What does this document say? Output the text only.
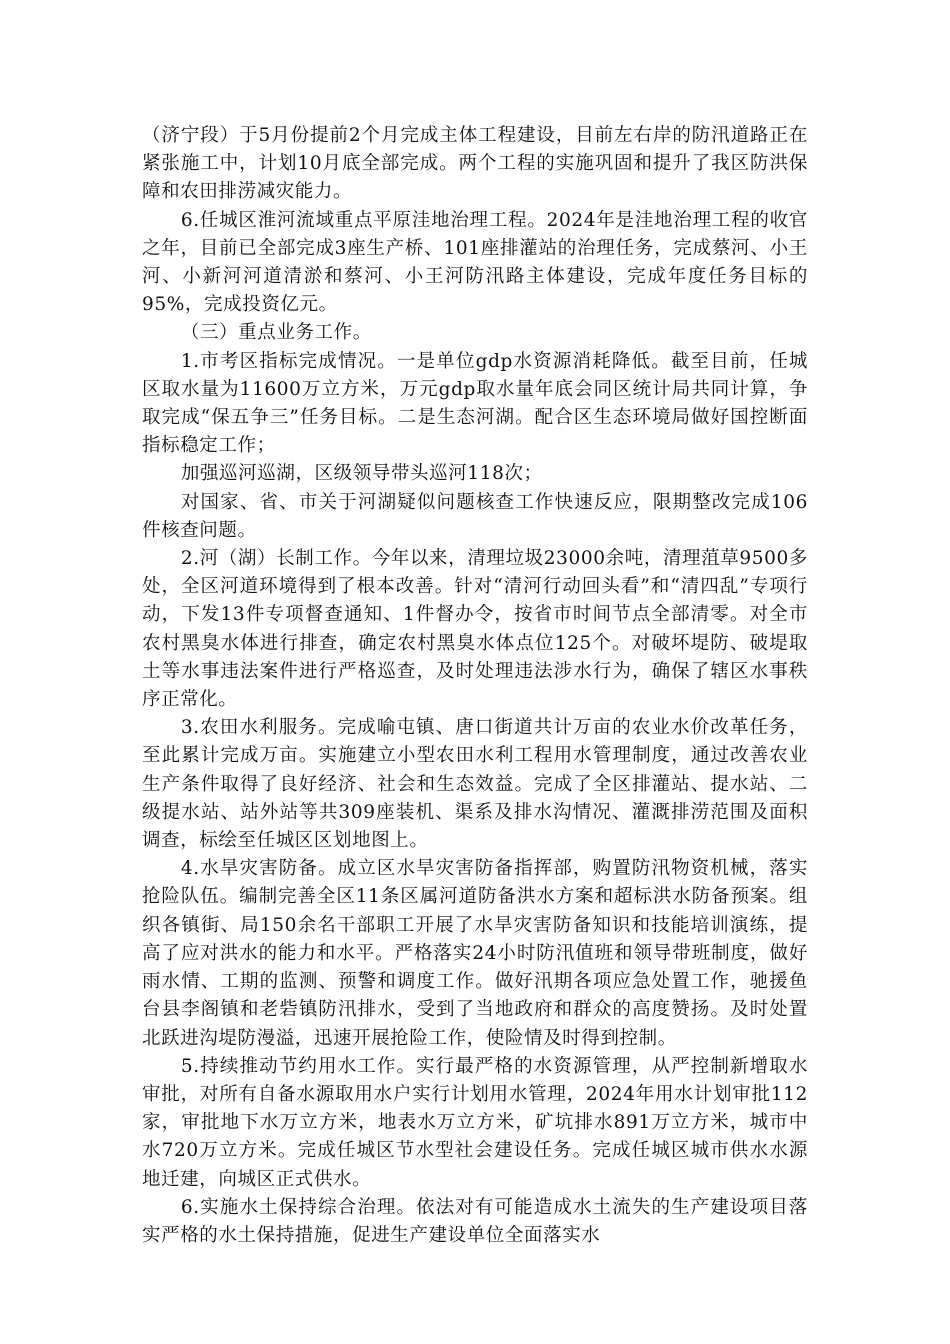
（济宁段）于5月份提前2个月完成主体工程建设，目前左右岸的防汛道路正在紧张施工中，计划10月底全部完成。两个工程的实施巩固和提升了我区防洪保障和农田排涝减灾能力。

6.任城区淮河流域重点平原洼地治理工程。2024年是洼地治理工程的收官之年，目前已全部完成3座生产桥、101座排灌站的治理任务，完成蔡河、小王河、小新河河道清淤和蔡河、小王河防汛路主体建设，完成年度任务目标的95%，完成投资亿元。

（三）重点业务工作。

1.市考区指标完成情况。一是单位gdp水资源消耗降低。截至目前，任城区取水量为11600万立方米，万元gdp取水量年底会同区统计局共同计算，争取完成“保五争三”任务目标。二是生态河湖。配合区生态环境局做好国控断面指标稳定工作；

加强巡河巡湖，区级领导带头巡河118次；

对国家、省、市关于河湖疑似问题核查工作快速反应，限期整改完成106件核查问题。

2.河（湖）长制工作。今年以来，清理垃圾23000余吨，清理菹草9500多处，全区河道环境得到了根本改善。针对“清河行动回头看”和“清四乱”专项行动，下发13件专项督查通知、1件督办令，按省市时间节点全部清零。对全市农村黑臭水体进行排查，确定农村黑臭水体点位125个。对破坏堤防、破堤取土等水事违法案件进行严格巡查，及时处理违法涉水行为，确保了辖区水事秩序正常化。

3.农田水利服务。完成喻屯镇、唐口街道共计万亩的农业水价改革任务，至此累计完成万亩。实施建立小型农田水利工程用水管理制度，通过改善农业生产条件取得了良好经济、社会和生态效益。完成了全区排灌站、提水站、二级提水站、站外站等共309座装机、渠系及排水沟情况、灌溉排涝范围及面积调查，标绘至任城区区划地图上。

4.水旱灾害防备。成立区水旱灾害防备指挥部，购置防汛物资机械，落实抢险队伍。编制完善全区11条区属河道防备洪水方案和超标洪水防备预案。组织各镇街、局150余名干部职工开展了水旱灾害防备知识和技能培训演练，提高了应对洪水的能力和水平。严格落实24小时防汛值班和领导带班制度，做好雨水情、工期的监测、预警和调度工作。做好汛期各项应急处置工作，驰援鱼台县李阁镇和老砦镇防汛排水，受到了当地政府和群众的高度赞扬。及时处置北跃进沟堤防漫溢，迅速开展抢险工作，使险情及时得到控制。

5.持续推动节约用水工作。实行最严格的水资源管理，从严控制新增取水审批，对所有自备水源取用水户实行计划用水管理，2024年用水计划审批112家，审批地下水万立方米，地表水万立方米，矿坑排水891万立方米，城市中水720万立方米。完成任城区节水型社会建设任务。完成任城区城市供水水源地迁建，向城区正式供水。

6.实施水土保持综合治理。依法对有可能造成水土流失的生产建设项目落实严格的水土保持措施，促进生产建设单位全面落实水
